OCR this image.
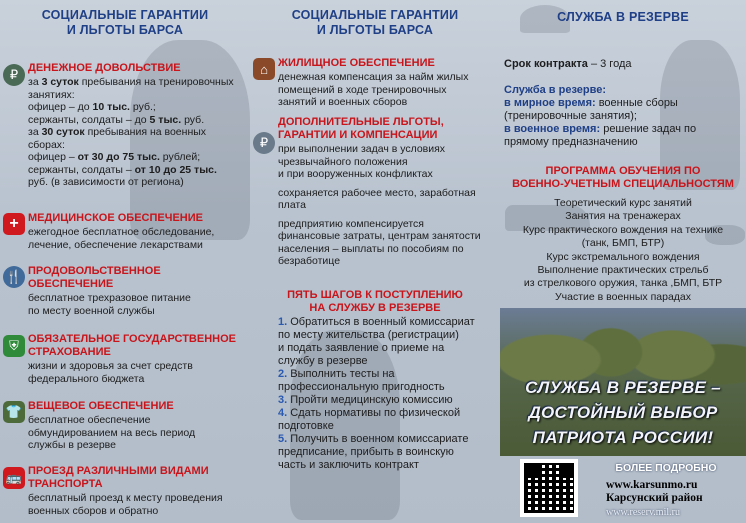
СОЦИАЛЬНЫЕ ГАРАНТИИ
И ЛЬГОТЫ БАРСА
₽ ДЕНЕЖНОЕ ДОВОЛЬСТВИЕ
за 3 суток пребывания на тренировочных
занятиях:
офицер – до 10 тыс. руб.;
сержанты, солдаты – до 5 тыс. руб.
за 30 суток пребывания на военных
сборах:
офицер – от 30 до 75 тыс. рублей;
сержанты, солдаты – от 10 до 25 тыс.
руб. (в зависимости от региона)
+ МЕДИЦИНСКОЕ ОБЕСПЕЧЕНИЕ
ежегодное бесплатное обследование,
лечение, обеспечение лекарствами
🍴 ПРОДОВОЛЬСТВЕННОЕ
ОБЕСПЕЧЕНИЕ
бесплатное трехразовое питание
по месту военной службы
⛨ ОБЯЗАТЕЛЬНОЕ ГОСУДАРСТВЕННОЕ
СТРАХОВАНИЕ
жизни и здоровья за счет средств
федерального бюджета
👕 ВЕЩЕВОЕ ОБЕСПЕЧЕНИЕ
бесплатное обеспечение
обмундированием на весь период
службы в резерве
🚌 ПРОЕЗД РАЗЛИЧНЫМИ ВИДАМИ
ТРАНСПОРТА
бесплатный проезд к месту проведения
военных сборов и обратно
СОЦИАЛЬНЫЕ ГАРАНТИИ
И ЛЬГОТЫ БАРСА
⌂ ЖИЛИЩНОЕ ОБЕСПЕЧЕНИЕ
денежная компенсация за найм жилых
помещений в ходе тренировочных
занятий и военных сборов
₽
ДОПОЛНИТЕЛЬНЫЕ ЛЬГОТЫ,
ГАРАНТИИ И КОМПЕНСАЦИИ
при выполнении задач в условиях
чрезвычайного положения
и при вооруженных конфликтах
сохраняется рабочее место, заработная
плата
предприятию компенсируется
финансовые затраты, центрам занятости
населения – выплаты по пособиям по
безработице
ПЯТЬ ШАГОВ К ПОСТУПЛЕНИЮ
НА СЛУЖБУ В РЕЗЕРВЕ
1. Обратиться в военный комиссариат
по месту жительства (регистрации)
и подать заявление о приеме на
службу в резерве
2. Выполнить тесты на
профессиональную пригодность
3. Пройти медицинскую комиссию
4. Сдать нормативы по физической
подготовке
5. Получить в военном комиссариате
предписание, прибыть в воинскую
часть и заключить контракт
СЛУЖБА В РЕЗЕРВЕ
Срок контракта – 3 года
Служба в резерве:
в мирное время: военные сборы
(тренировочные занятия);
в военное время: решение задач по
прямому предназначению
ПРОГРАММА ОБУЧЕНИЯ ПО
ВОЕННО-УЧЕТНЫМ СПЕЦИАЛЬНОСТЯМ
Теоретический курс занятий
Занятия на тренажерах
Курс практического вождения на технике
(танк, БМП, БТР)
Курс экстремального вождения
Выполнение практических стрельб
из стрелкового оружия, танка ,БМП, БТР
Участие в военных парадах
СЛУЖБА В РЕЗЕРВЕ –
ДОСТОЙНЫЙ ВЫБОР
ПАТРИОТА РОССИИ!
БОЛЕЕ ПОДРОБНО
www.karsunmo.ru
Карсунский район
www.reserv.mil.ru
